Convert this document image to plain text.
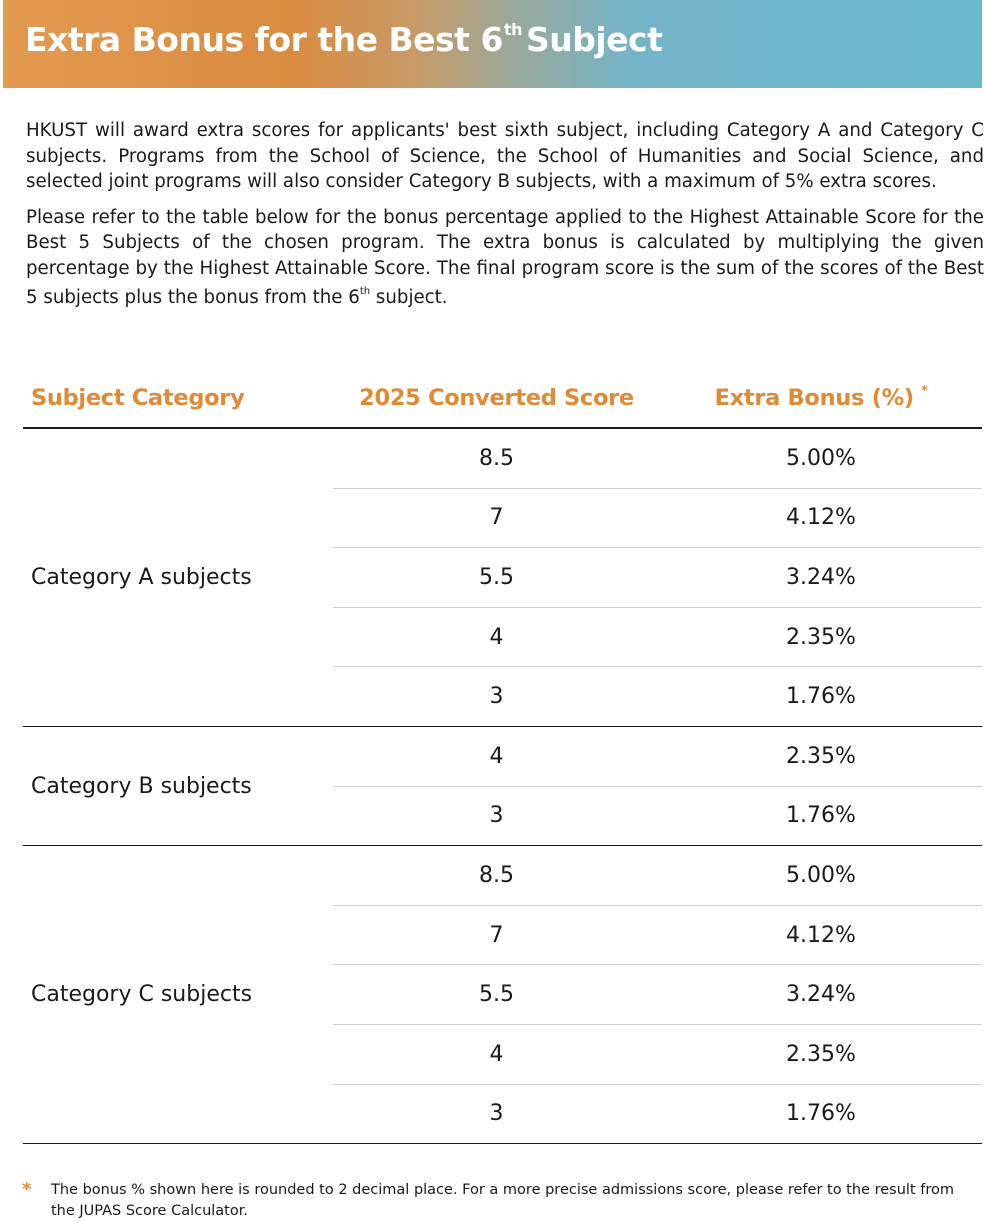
Extra Bonus for the Best 6th Subject

HKUST will award extra scores for applicants' best sixth subject, including Category A and Category C subjects. Programs from the School of Science, the School of Humanities and Social Science, and selected joint programs will also consider Category B subjects, with a maximum of 5% extra scores.

Please refer to the table below for the bonus percentage applied to the Highest Attainable Score for the Best 5 Subjects of the chosen program. The extra bonus is calculated by multiplying the given percentage by the Highest Attainable Score. The final program score is the sum of the scores of the Best 5 subjects plus the bonus from the 6th subject.

Subject Category	2025 Converted Score	Extra Bonus (%) *
Category A subjects	8.5	5.00%
	7	4.12%
	5.5	3.24%
	4	2.35%
	3	1.76%
Category B subjects	4	2.35%
	3	1.76%
Category C subjects	8.5	5.00%
	7	4.12%
	5.5	3.24%
	4	2.35%
	3	1.76%
* The bonus % shown here is rounded to 2 decimal place. For a more precise admissions score, please refer to the result from the JUPAS Score Calculator.
